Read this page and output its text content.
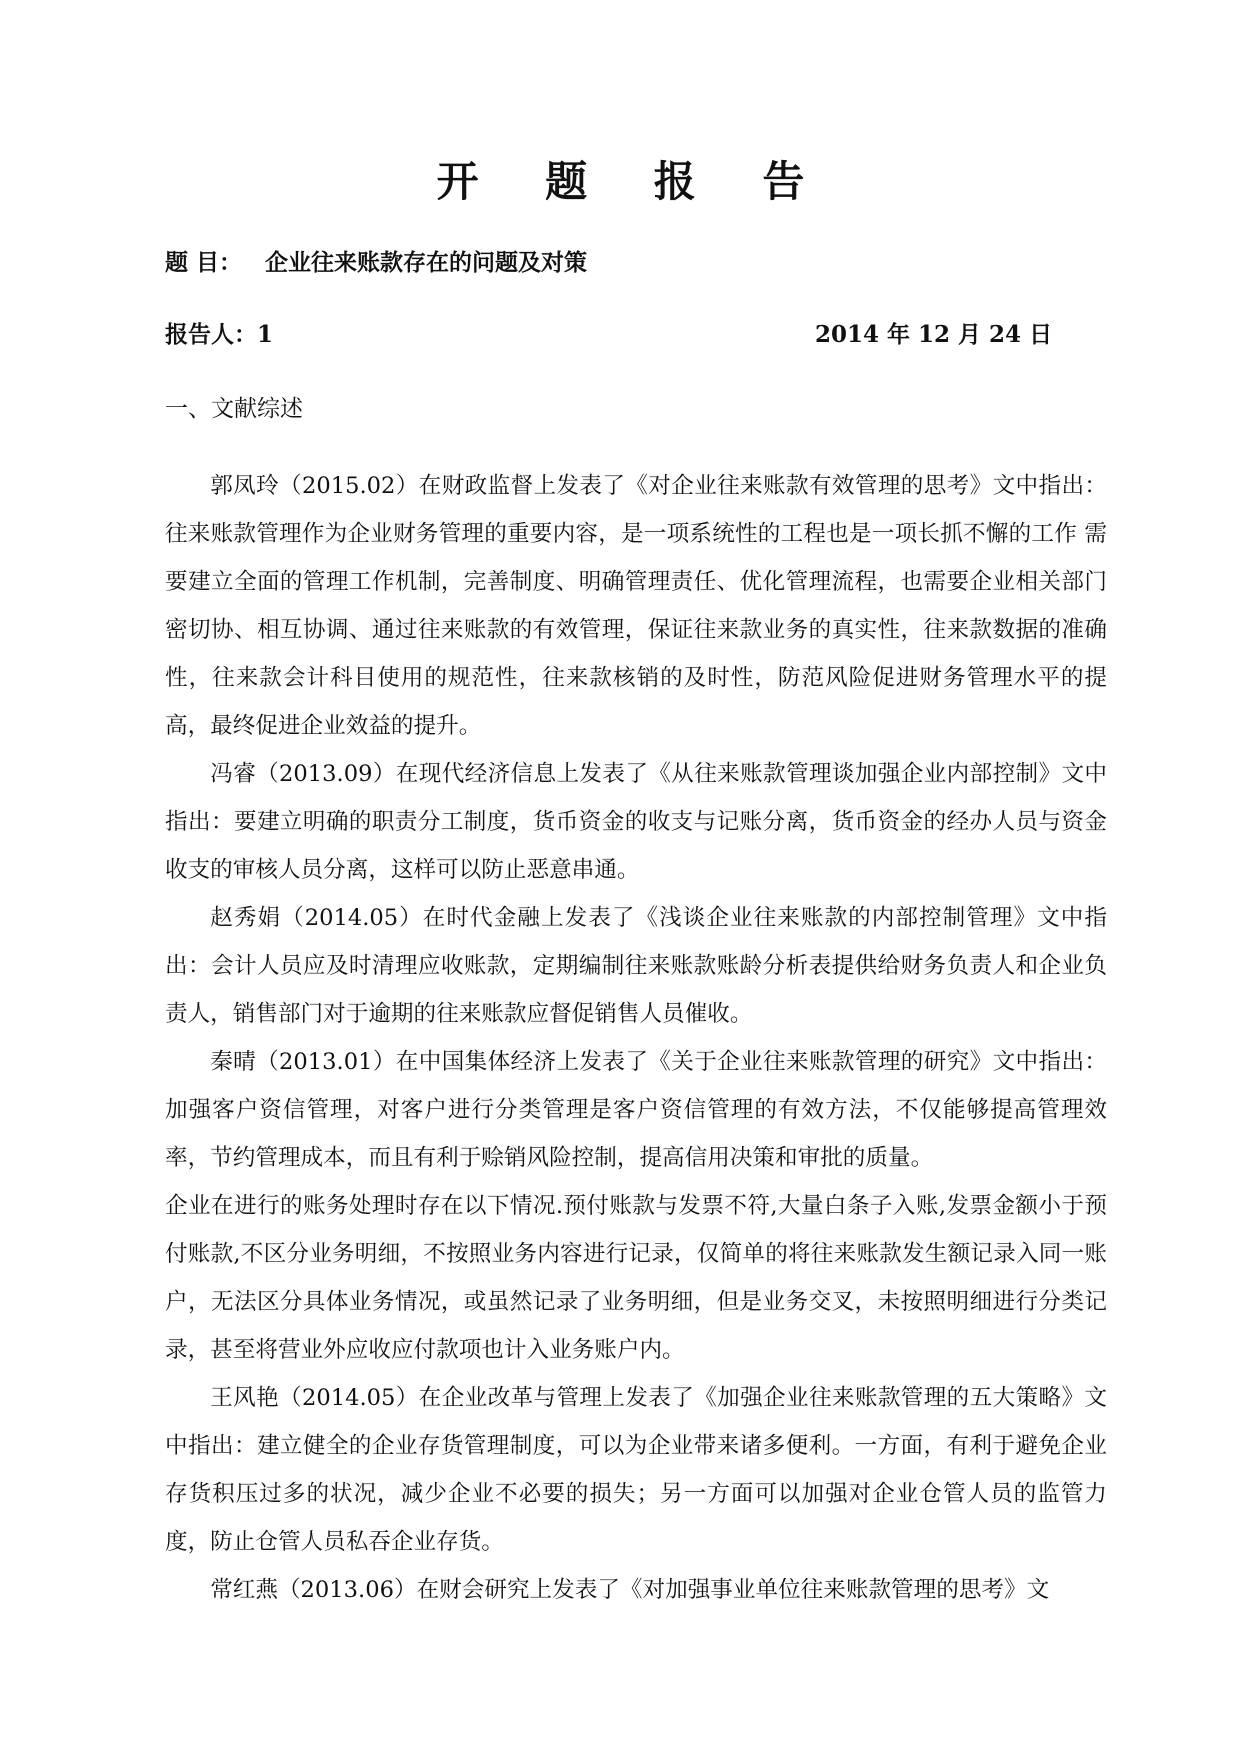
开 题 报 告
题 目： 企业往来账款存在的问题及对策
报告人：1	2014 年 12 月 24 日
一、文献综述

郭凤玲（2015.02）在财政监督上发表了《对企业往来账款有效管理的思考》文中指出：往来账款管理作为企业财务管理的重要内容，是一项系统性的工程也是一项长抓不懈的工作 需要建立全面的管理工作机制，完善制度、明确管理责任、优化管理流程，也需要企业相关部门密切协、相互协调、通过往来账款的有效管理，保证往来款业务的真实性，往来款数据的准确性，往来款会计科目使用的规范性，往来款核销的及时性，防范风险促进财务管理水平的提高，最终促进企业效益的提升。

冯睿（2013.09）在现代经济信息上发表了《从往来账款管理谈加强企业内部控制》文中指出：要建立明确的职责分工制度，货币资金的收支与记账分离，货币资金的经办人员与资金收支的审核人员分离，这样可以防止恶意串通。

赵秀娟（2014.05）在时代金融上发表了《浅谈企业往来账款的内部控制管理》文中指出：会计人员应及时清理应收账款，定期编制往来账款账龄分析表提供给财务负责人和企业负责人，销售部门对于逾期的往来账款应督促销售人员催收。

秦晴（2013.01）在中国集体经济上发表了《关于企业往来账款管理的研究》文中指出：加强客户资信管理，对客户进行分类管理是客户资信管理的有效方法，不仅能够提高管理效率，节约管理成本，而且有利于赊销风险控制，提高信用决策和审批的质量。

企业在进行的账务处理时存在以下情况.预付账款与发票不符,大量白条子入账,发票金额小于预付账款,不区分业务明细，不按照业务内容进行记录，仅简单的将往来账款发生额记录入同一账户，无法区分具体业务情况，或虽然记录了业务明细，但是业务交叉，未按照明细进行分类记录，甚至将营业外应收应付款项也计入业务账户内。

王风艳（2014.05）在企业改革与管理上发表了《加强企业往来账款管理的五大策略》文中指出：建立健全的企业存货管理制度，可以为企业带来诸多便利。一方面，有利于避免企业存货积压过多的状况，减少企业不必要的损失；另一方面可以加强对企业仓管人员的监管力度，防止仓管人员私吞企业存货。

常红燕（2013.06）在财会研究上发表了《对加强事业单位往来账款管理的思考》文
